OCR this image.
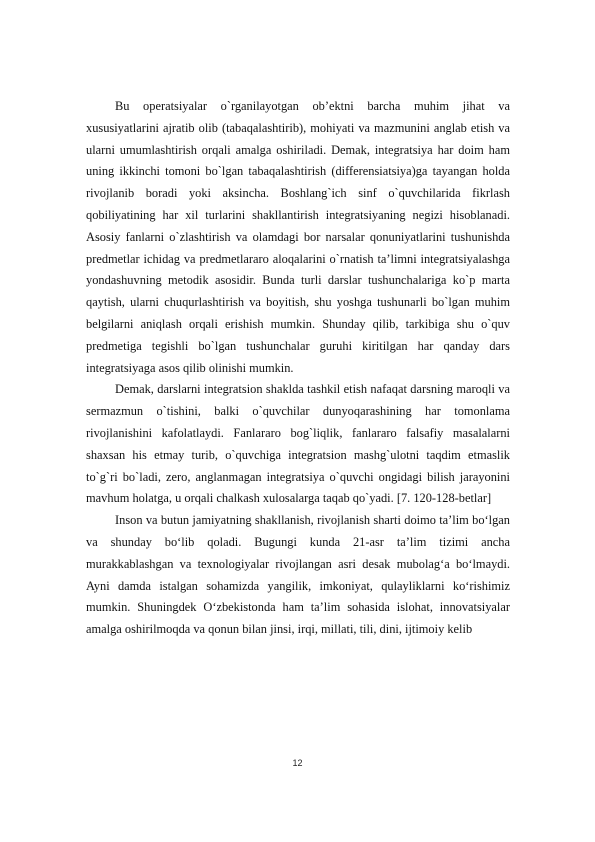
Bu operatsiyalar o`rganilayotgan ob’ektni barcha muhim jihat va xususiyatlarini ajratib olib (tabaqalashtirib), mohiyati va mazmunini anglab etish va ularni umumlashtirish orqali amalga oshiriladi. Demak, integratsiya har doim ham uning ikkinchi tomoni bo`lgan tabaqalashtirish (differensiatsiya)ga tayangan holda rivojlanib boradi yoki aksincha. Boshlang`ich sinf o`quvchilarida fikrlash qobiliyatining har xil turlarini shakllantirish integratsiyaning negizi hisoblanadi. Asosiy fanlarni o`zlashtirish va olamdagi bor narsalar qonuniyatlarini tushunishda predmetlar ichidag va predmetlararo aloqalarini o`rnatish ta’limni integratsiyalashga yondashuvning metodik asosidir. Bunda turli darslar tushunchalariga ko`p marta qaytish, ularni chuqurlashtirish va boyitish, shu yoshga tushunarli bo`lgan muhim belgilarni aniqlash orqali erishish mumkin. Shunday qilib, tarkibiga shu o`quv predmetiga tegishli bo`lgan tushunchalar guruhi kiritilgan har qanday dars integratsiyaga asos qilib olinishi mumkin.

Demak, darslarni integratsion shaklda tashkil etish nafaqat darsning maroqli va sermazmun o`tishini, balki o`quvchilar dunyoqarashining har tomonlama rivojlanishini kafolatlaydi. Fanlararo bog`liqlik, fanlararo falsafiy masalalarni shaxsan his etmay turib, o`quvchiga integratsion mashg`ulotni taqdim etmaslik to`g`ri bo`ladi, zero, anglanmagan integratsiya o`quvchi ongidagi bilish jarayonini mavhum holatga, u orqali chalkash xulosalarga taqab qo`yadi. [7. 120-128-betlar]

Inson va butun jamiyatning shakllanish, rivojlanish sharti doimo ta’lim bo‘lgan va shunday bo‘lib qoladi. Bugungi kunda 21-asr ta’lim tizimi ancha murakkablashgan va texnologiyalar rivojlangan asri desak mubolag‘a bo‘lmaydi. Ayni damda istalgan sohamizda yangilik, imkoniyat, qulayliklarni ko‘rishimiz mumkin. Shuningdek O‘zbekistonda ham ta’lim sohasida islohat, innovatsiyalar amalga oshirilmoqda va qonun bilan jinsi, irqi, millati, tili, dini, ijtimoiy kelib

12
